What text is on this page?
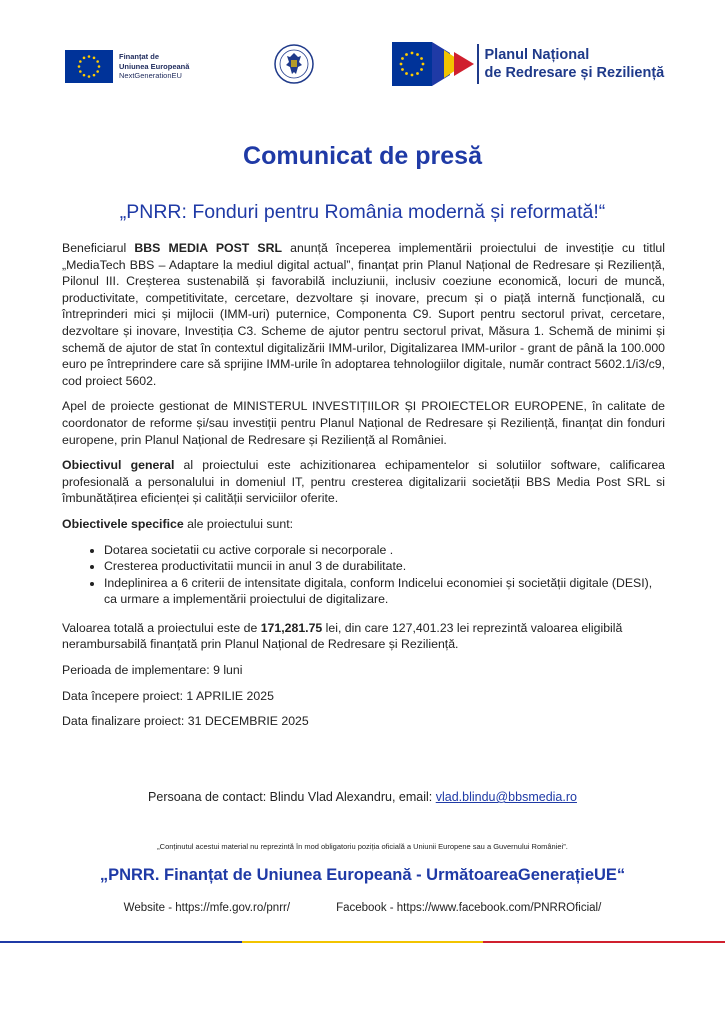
Finanțat de
Uniunea Europeană
NextGenerationEU
Planul Național
de Redresare și Reziliență
Comunicat de presă
„PNRR: Fonduri pentru România modernă și reformată!“

Beneficiarul BBS MEDIA POST SRL anunță începerea implementării proiectului de investiție cu titlul „MediaTech BBS – Adaptare la mediul digital actual”, finanțat prin Planul Național de Redresare și Reziliență, Pilonul III. Creșterea sustenabilă și favorabilă incluziunii, inclusiv coeziune economică, locuri de muncă, productivitate, competitivitate, cercetare, dezvoltare și inovare, precum și o piață internă funcțională, cu întreprinderi mici și mijlocii (IMM-uri) puternice, Componenta C9. Suport pentru sectorul privat, cercetare, dezvoltare și inovare, Investiția C3. Scheme de ajutor pentru sectorul privat, Măsura 1. Schemă de minimi și schemă de ajutor de stat în contextul digitalizării IMM-urilor, Digitalizarea IMM-urilor - grant de până la 100.000 euro pe întreprindere care să sprijine IMM-urile în adoptarea tehnologiilor digitale, număr contract 5602.1/i3/c9, cod proiect 5602.

Apel de proiecte gestionat de MINISTERUL INVESTIȚIILOR ȘI PROIECTELOR EUROPENE, în calitate de coordonator de reforme și/sau investiții pentru Planul Național de Redresare și Reziliență, finanțat din fonduri europene, prin Planul Național de Redresare și Reziliență al României.

Obiectivul general al proiectului este achizitionarea echipamentelor si solutiilor software, calificarea profesională a personalului in domeniul IT, pentru cresterea digitalizarii societății BBS Media Post SRL si îmbunătățirea eficienței și calității serviciilor oferite.

Obiectivele specifice ale proiectului sunt:

• Dotarea societatii cu active corporale si necorporale .
• Cresterea productivitatii muncii in anul 3 de durabilitate.
• Indeplinirea a 6 criterii de intensitate digitala, conform Indicelui economiei și societății digitale (DESI), ca urmare a implementării proiectului de digitalizare.

Valoarea totală a proiectului este de 171,281.75 lei, din care 127,401.23 lei reprezintă valoarea eligibilă nerambursabilă finanțată prin Planul Național de Redresare și Reziliență.

Perioada de implementare: 9 luni

Data începere proiect: 1 APRILIE 2025

Data finalizare proiect: 31 DECEMBRIE 2025

Persoana de contact: Blindu Vlad Alexandru, email: vlad.blindu@bbsmedia.ro
„Conținutul acestui material nu reprezintă în mod obligatoriu poziția oficială a Uniunii Europene sau a Guvernului României”.
„PNRR. Finanțat de Uniunea Europeană - UrmătoareaGenerațieUE“
Website - https://mfe.gov.ro/pnrr/	Facebook - https://www.facebook.com/PNRROficial/
